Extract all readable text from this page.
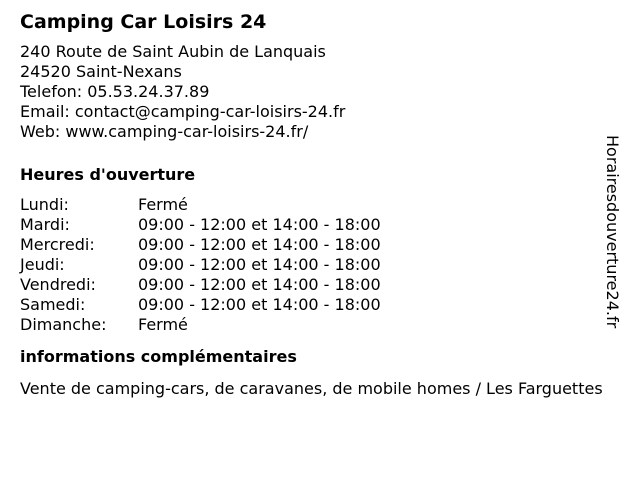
Camping Car Loisirs 24
240 Route de Saint Aubin de Lanquais
24520 Saint-Nexans
Telefon: 05.53.24.37.89
Email: contact@camping-car-loisirs-24.fr
Web: www.camping-car-loisirs-24.fr/
Heures d'ouverture
Lundi:	Fermé
Mardi:	09:00 - 12:00 et 14:00 - 18:00
Mercredi:	09:00 - 12:00 et 14:00 - 18:00
Jeudi:	09:00 - 12:00 et 14:00 - 18:00
Vendredi:	09:00 - 12:00 et 14:00 - 18:00
Samedi:	09:00 - 12:00 et 14:00 - 18:00
Dimanche: Fermé
informations complémentaires
Vente de camping-cars, de caravanes, de mobile homes / Les Farguettes
Horairesdouverture24.fr
